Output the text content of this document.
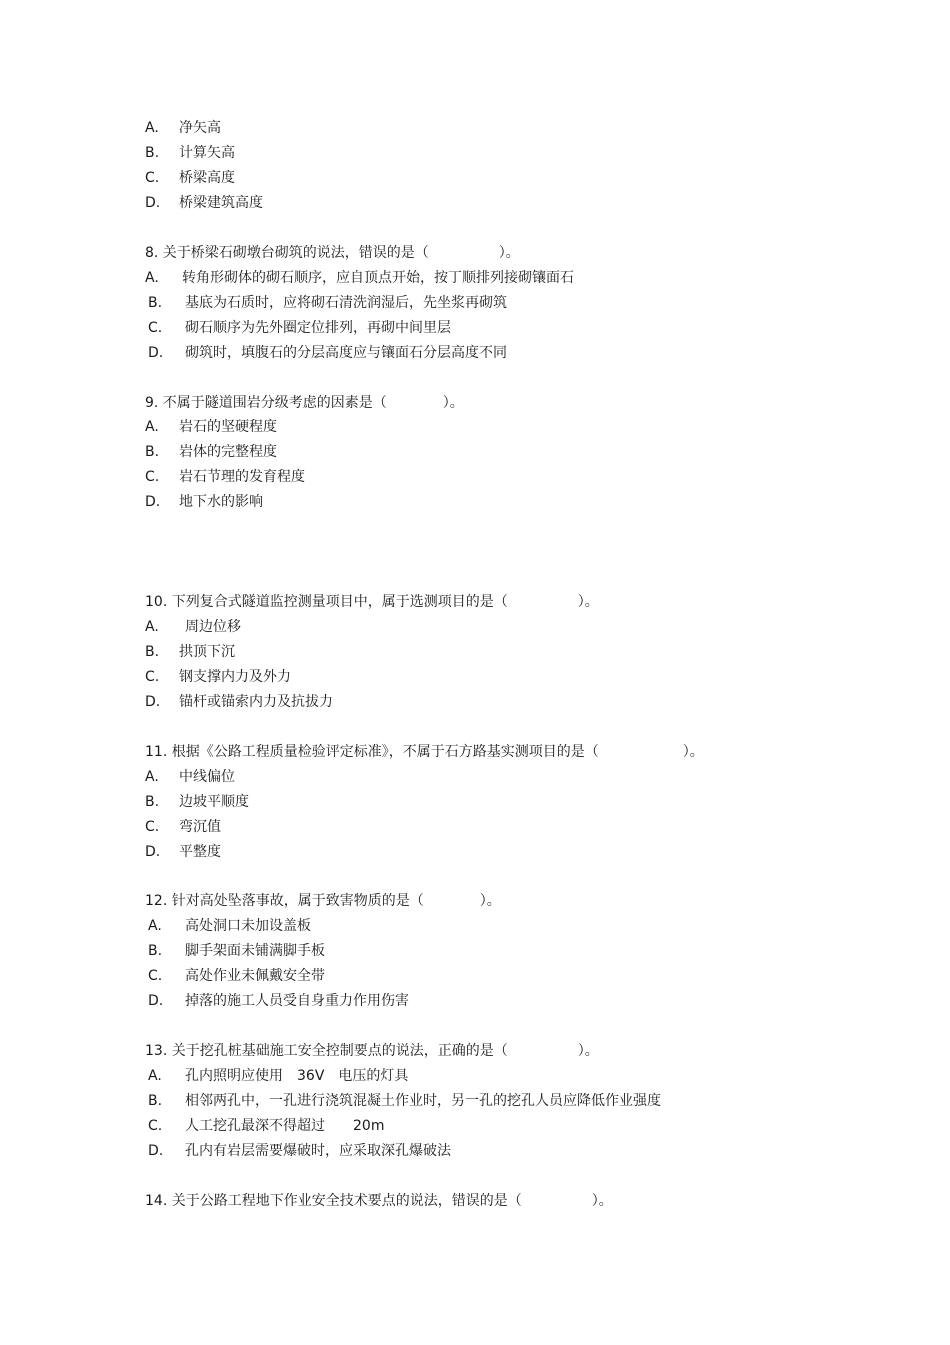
A. 净矢高
B. 计算矢高
C. 桥梁高度
D. 桥梁建筑高度
8. 关于桥梁石砌墩台砌筑的说法，错误的是（　　　　　）。
A. 转角形砌体的砌石顺序，应自顶点开始，按丁顺排列接砌镶面石
B. 基底为石质时，应将砌石清洗润湿后，先坐浆再砌筑
C. 砌石顺序为先外圈定位排列，再砌中间里层
D. 砌筑时，填腹石的分层高度应与镶面石分层高度不同
9. 不属于隧道围岩分级考虑的因素是（　　　　）。
A. 岩石的坚硬程度
B. 岩体的完整程度
C. 岩石节理的发育程度
D. 地下水的影响
10. 下列复合式隧道监控测量项目中，属于选测项目的是（　　　　　）。
A. 周边位移
B. 拱顶下沉
C. 钢支撑内力及外力
D. 锚杆或锚索内力及抗拔力
11. 根据《公路工程质量检验评定标准》，不属于石方路基实测项目的是（　　　　　　）。
A. 中线偏位
B. 边坡平顺度
C. 弯沉值
D. 平整度
12. 针对高处坠落事故，属于致害物质的是（　　　　）。
A. 高处洞口未加设盖板
B. 脚手架面未铺满脚手板
C. 高处作业未佩戴安全带
D. 掉落的施工人员受自身重力作用伤害
13. 关于挖孔桩基础施工安全控制要点的说法，正确的是（　　　　　）。
A. 孔内照明应使用　36V　电压的灯具
B. 相邻两孔中，一孔进行浇筑混凝土作业时，另一孔的挖孔人员应降低作业强度
C. 人工挖孔最深不得超过　　20m
D. 孔内有岩层需要爆破时，应采取深孔爆破法
14. 关于公路工程地下作业安全技术要点的说法，错误的是（　　　　　）。
